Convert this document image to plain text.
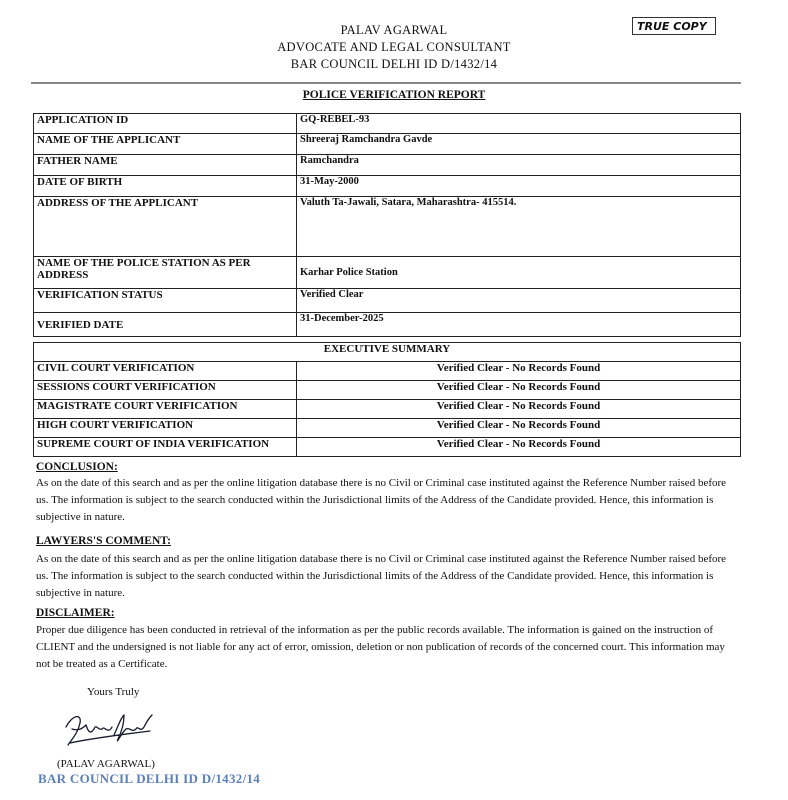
PALAV AGARWAL
ADVOCATE AND LEGAL CONSULTANT
BAR COUNCIL DELHI ID D/1432/14
TRUE COPY
POLICE VERIFICATION REPORT
APPLICATION ID	GQ-REBEL-93
NAME OF THE APPLICANT	Shreeraj Ramchandra Gavde
FATHER NAME	Ramchandra
DATE OF BIRTH	31-May-2000
ADDRESS OF THE APPLICANT	Valuth Ta-Jawali, Satara, Maharashtra- 415514.
NAME OF THE POLICE STATION AS PER ADDRESS	Karhar Police Station
VERIFICATION STATUS	Verified Clear
VERIFIED DATE	31-December-2025
EXECUTIVE SUMMARY	
CIVIL COURT VERIFICATION	Verified Clear - No Records Found
SESSIONS COURT VERIFICATION	Verified Clear - No Records Found
MAGISTRATE COURT VERIFICATION	Verified Clear - No Records Found
HIGH COURT VERIFICATION	Verified Clear - No Records Found
SUPREME COURT OF INDIA VERIFICATION	Verified Clear - No Records Found
CONCLUSION:
As on the date of this search and as per the online litigation database there is no Civil or Criminal case instituted against the Reference Number raised before us. The information is subject to the search conducted within the Jurisdictional limits of the Address of the Candidate provided. Hence, this information is subjective in nature.
LAWYERS'S COMMENT:
As on the date of this search and as per the online litigation database there is no Civil or Criminal case instituted against the Reference Number raised before us. The information is subject to the search conducted within the Jurisdictional limits of the Address of the Candidate provided. Hence, this information is subjective in nature.
DISCLAIMER:
Proper due diligence has been conducted in retrieval of the information as per the public records available. The information is gained on the instruction of CLIENT and the undersigned is not liable for any act of error, omission, deletion or non publication of records of the concerned court. This information may not be treated as a Certificate.
Yours Truly
(PALAV AGARWAL)
BAR COUNCIL DELHI ID D/1432/14
